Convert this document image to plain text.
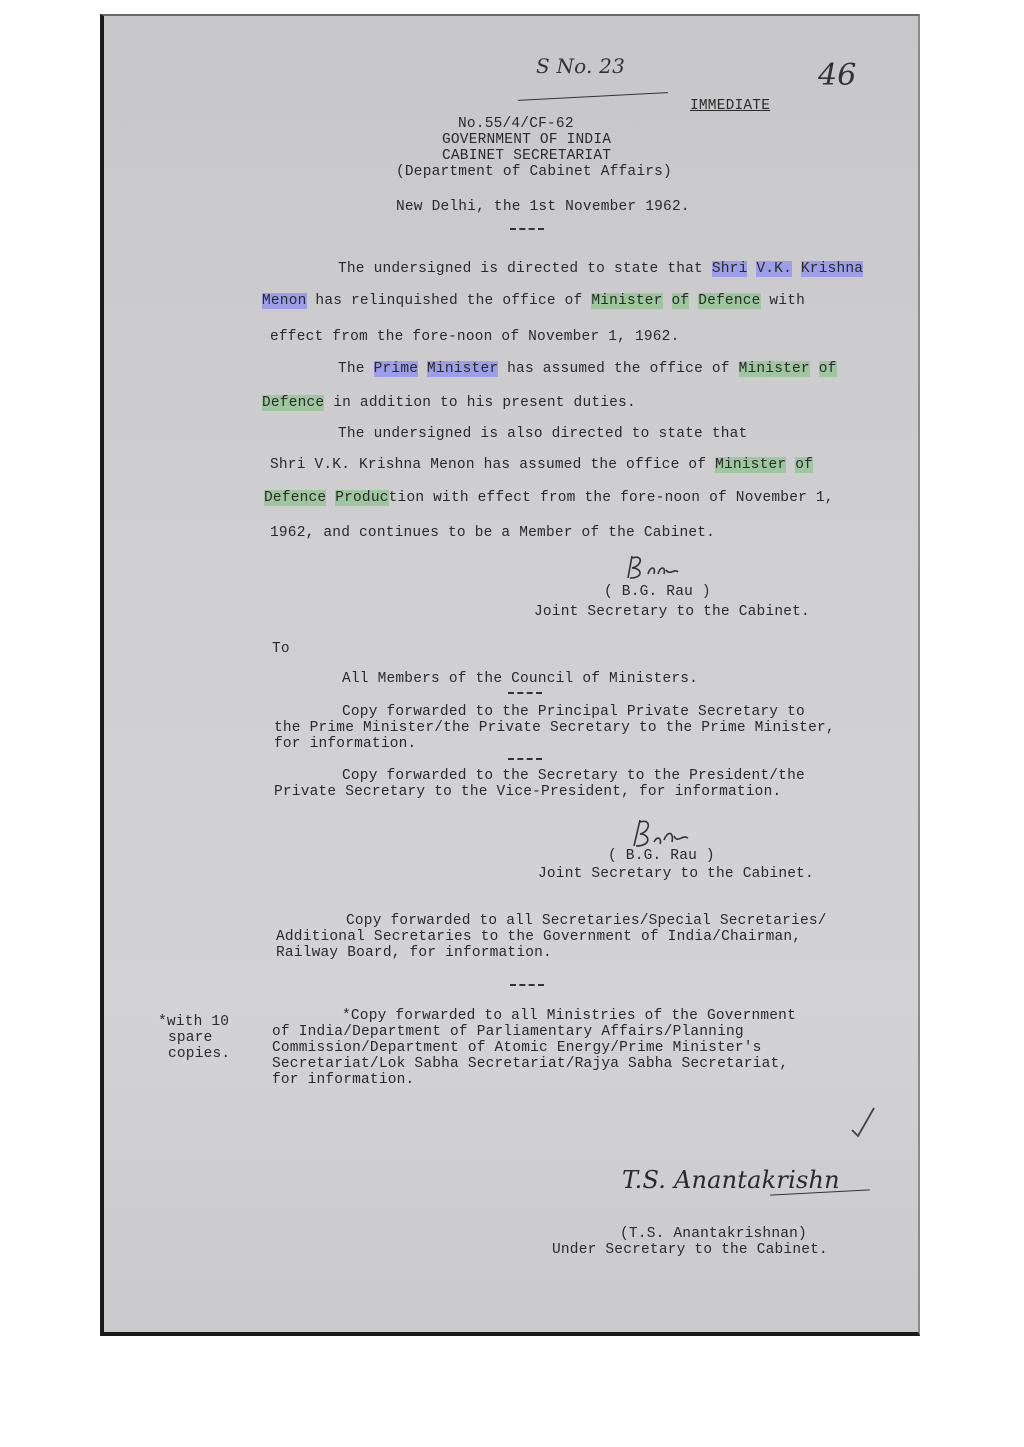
S No. 23	46
IMMEDIATE
No.55/4/CF-62
GOVERNMENT OF INDIA
CABINET SECRETARIAT
(Department of Cabinet Affairs)
New Delhi, the 1st November 1962.
The undersigned is directed to state that Shri V.K. Krishna
Menon has relinquished the office of Minister of Defence with
effect from the fore-noon of November 1, 1962.
The Prime Minister has assumed the office of Minister of
Defence in addition to his present duties.
The undersigned is also directed to state that
Shri V.K. Krishna Menon has assumed the office of Minister of
Defence Production with effect from the fore-noon of November 1,
1962, and continues to be a Member of the Cabinet.
( B.G. Rau )
Joint Secretary to the Cabinet.
To
All Members of the Council of Ministers.
Copy forwarded to the Principal Private Secretary to
the Prime Minister/the Private Secretary to the Prime Minister,
for information.
Copy forwarded to the Secretary to the President/the
Private Secretary to the Vice-President, for information.
( B.G. Rau )
Joint Secretary to the Cabinet.
Copy forwarded to all Secretaries/Special Secretaries/
Additional Secretaries to the Government of India/Chairman,
Railway Board, for information.
*with 10
spare
copies.
*Copy forwarded to all Ministries of the Government
of India/Department of Parliamentary Affairs/Planning
Commission/Department of Atomic Energy/Prime Minister's
Secretariat/Lok Sabha Secretariat/Rajya Sabha Secretariat,
for information.
T.S. Anantakrishn
(T.S. Anantakrishnan)
Under Secretary to the Cabinet.
